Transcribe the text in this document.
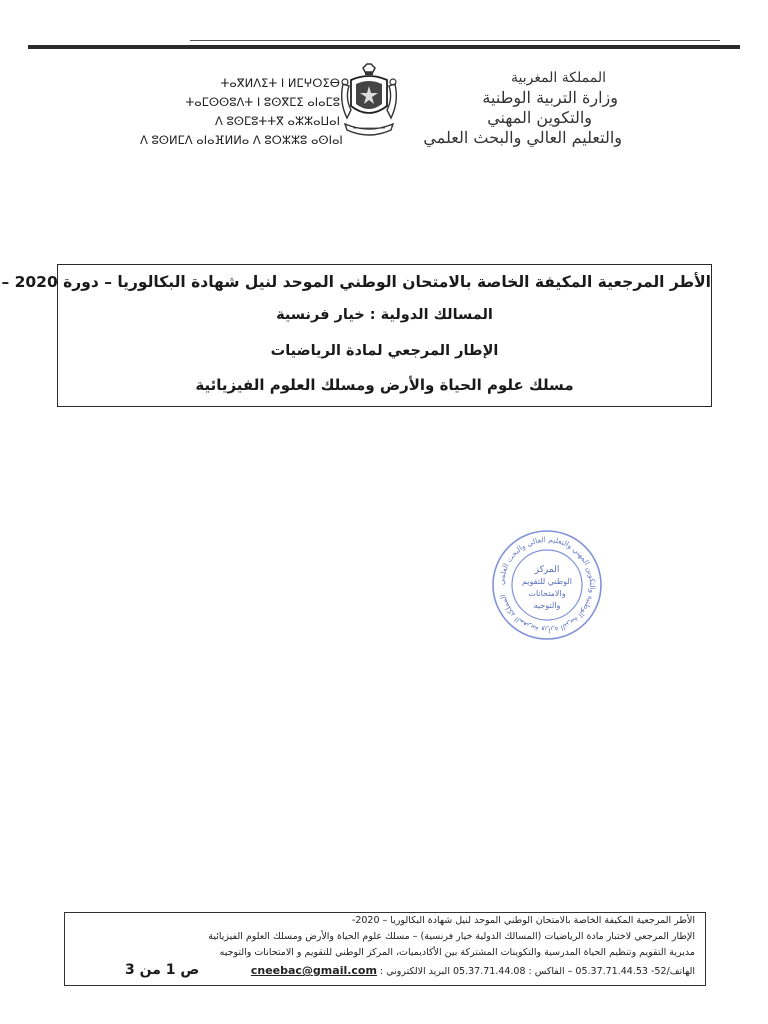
ⵜⴰⴳⵍⴷⵉⵜ ⵏ ⵍⵎⵖⵔⵉⴱ
ⵜⴰⵎⵙⵙⵓⴷⵜ ⵏ ⵓⵙⴳⵎⵉ ⴰⵏⴰⵎⵓ
ⴷ ⵓⵙⵎⵓⵜⵜⴳ ⴰⵣⵣⴰⵡⴰⵏ
ⴷ ⵓⵙⵍⵎⴷ ⴰⵏⴰⴼⵍⵍⴰ ⴷ ⵓⵔⵣⵣⵓ ⴰⵙⵏⴰⵏ
المملكة المغربية
وزارة التربية الوطنية
والتكوين المهني
والتعليم العالي والبحث العلمي
الأطر المرجعية المكيفة الخاصة بالامتحان الوطني الموحد لنيل شهادة البكالوريا – دورة 2020 –
المسالك الدولية : خيار فرنسية
الإطار المرجعي لمادة الرياضيات
مسلك علوم الحياة والأرض ومسلك العلوم الفيزيائية
المملكة المغربية وزارة التربية الوطنية والتكوين المهني والتعليم العالي والبحث العلمي
المركز
الوطني للتقويم
والامتحانات
والتوجيه
الأطر المرجعية المكيفة الخاصة بالامتحان الوطني الموحد لنيل شهادة البكالوريا – 2020-
الإطار المرجعي لاختبار مادة الرياضيات (المسالك الدولية خيار فرنسية) – مسلك علوم الحياة والأرض ومسلك العلوم الفيزيائية
مديرية التقويم وتنظيم الحياة المدرسية والتكوينات المشتركة بين الأكاديميات، المركز الوطني للتقويم و الامتحانات والتوجيه
الهاتف/52- 05.37.71.44.53 – الفاكس : 05.37.71.44.08 البريد الالكتروني : cneebac@gmail.com
ص 1 من 3
